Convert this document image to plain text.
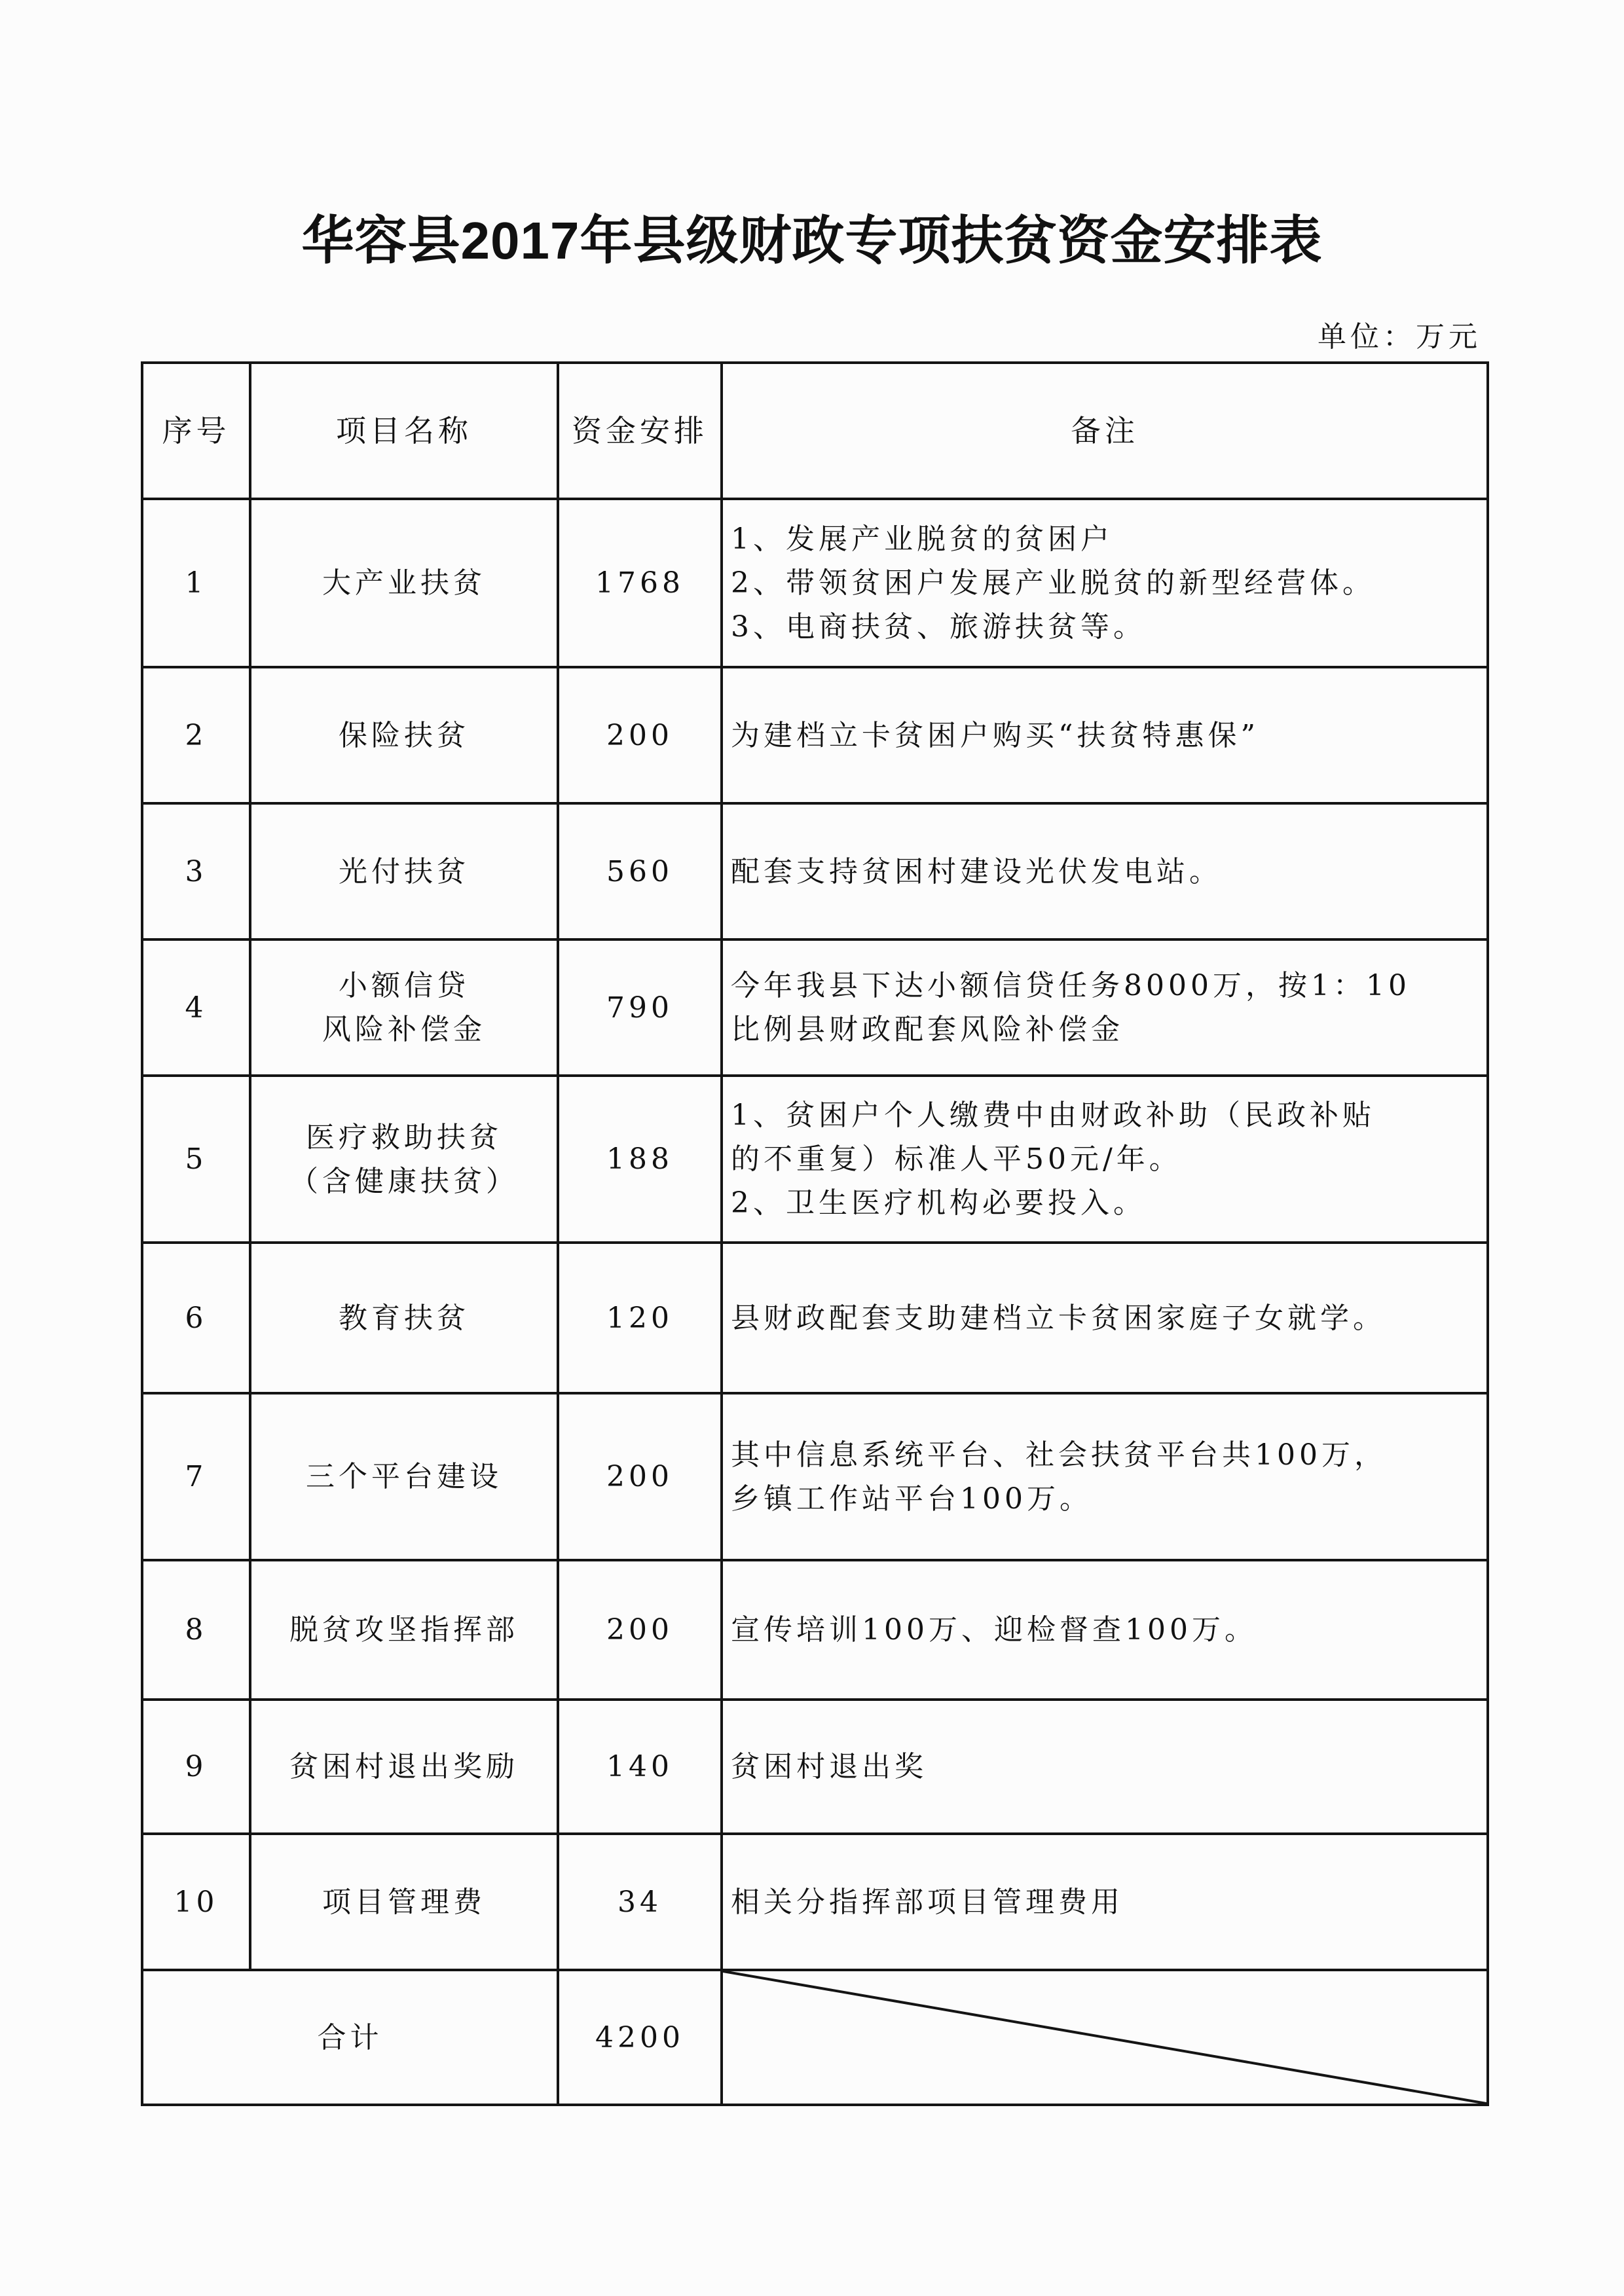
华容县2017年县级财政专项扶贫资金安排表
单位：万元
序号	项目名称	资金安排	备注
1	大产业扶贫	1768	1、发展产业脱贫的贫困户
2、带领贫困户发展产业脱贫的新型经营体。
3、电商扶贫、旅游扶贫等。

2	保险扶贫	200	为建档立卡贫困户购买“扶贫特惠保”

3	光付扶贫	560	配套支持贫困村建设光伏发电站。

4	小额信贷
风险补偿金	790	今年我县下达小额信贷任务8000万，按1：10
比例县财政配套风险补偿金

5	医疗救助扶贫
（含健康扶贫）	188	1、贫困户个人缴费中由财政补助（民政补贴
的不重复）标准人平50元/年。
2、卫生医疗机构必要投入。

6	教育扶贫	120	县财政配套支助建档立卡贫困家庭子女就学。

7	三个平台建设	200	其中信息系统平台、社会扶贫平台共100万，
乡镇工作站平台100万。

8	脱贫攻坚指挥部	200	宣传培训100万、迎检督查100万。

9	贫困村退出奖励	140	贫困村退出奖

10	项目管理费	34	相关分指挥部项目管理费用

合计		4200	
